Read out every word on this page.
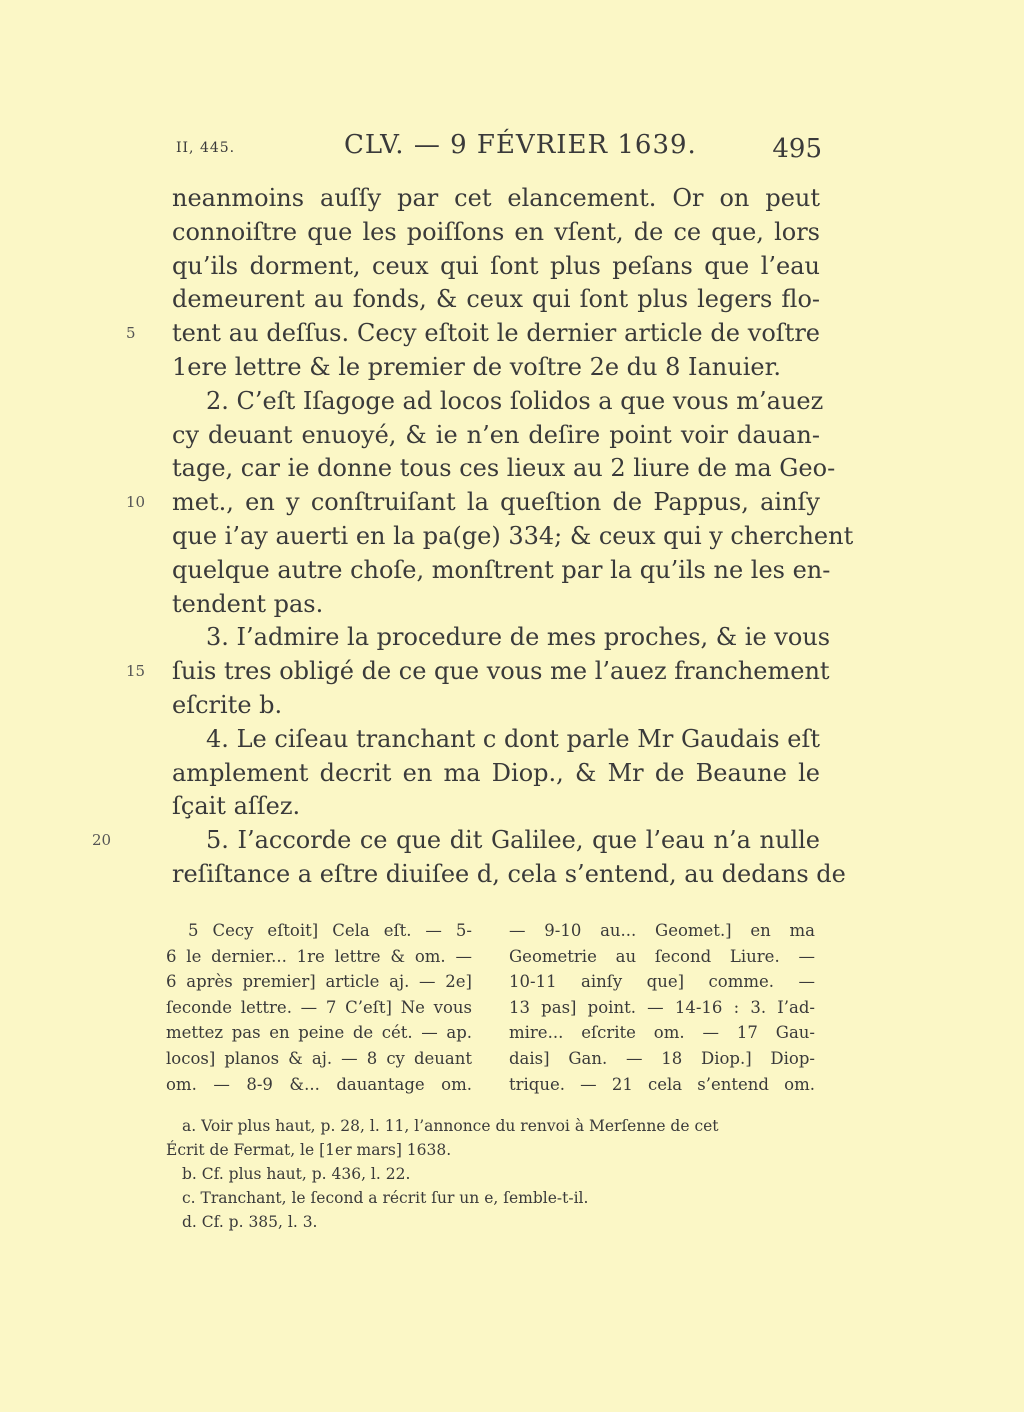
II, 445.	CLV. — 9 FÉVRIER 1639.	495
neanmoins auſſy par cet elancement. Or on peut
connoiſtre que les poiſſons en vſent, de ce que, lors
qu’ils dorment, ceux qui ſont plus peſans que l’eau
demeurent au fonds, & ceux qui ſont plus legers flo-
5	tent au deſſus. Cecy eſtoit le dernier article de voſtre
1ere lettre & le premier de voſtre 2e du 8 Ianuier.
2. C’eſt Iſagoge ad locos ſolidos a que vous m’auez
cy deuant enuoyé, & ie n’en deſire point voir dauan-
tage, car ie donne tous ces lieux au 2 liure de ma Geo-
10	met., en y conſtruiſant la queſtion de Pappus, ainſy
que i’ay auerti en la pa(ge) 334; & ceux qui y cherchent
quelque autre choſe, monſtrent par la qu’ils ne les en-
tendent pas.
3. I’admire la procedure de mes proches, & ie vous
15	ſuis tres obligé de ce que vous me l’auez franchement
eſcrite b.
4. Le ciſeau tranchant c dont parle Mr Gaudais eſt
amplement decrit en ma Diop., & Mr de Beaune le
ſçait aſſez.
20	5. I’accorde ce que dit Galilee, que l’eau n’a nulle
reſiſtance a eſtre diuiſee d, cela s’entend, au dedans de
5 Cecy eſtoit] Cela eſt. — 5-
6 le dernier... 1re lettre & om. —
6 après premier] article aj. — 2e]
ſeconde lettre. — 7 C’eſt] Ne vous
mettez pas en peine de cét. — ap.
locos] planos & aj. — 8 cy deuant
om. — 8-9 &... dauantage om.
— 9-10 au... Geomet.] en ma
Geometrie au ſecond Liure. —
10-11 ainſy que] comme. —
13 pas] point. — 14-16 : 3. I’ad-
mire... eſcrite om. — 17 Gau-
dais] Gan. — 18 Diop.] Diop-
trique. — 21 cela s’entend om.
a. Voir plus haut, p. 28, l. 11, l’annonce du renvoi à Merſenne de cet
Écrit de Fermat, le [1er mars] 1638.
b. Cf. plus haut, p. 436, l. 22.
c. Tranchant, le ſecond a récrit ſur un e, ſemble-t-il.
d. Cf. p. 385, l. 3.
